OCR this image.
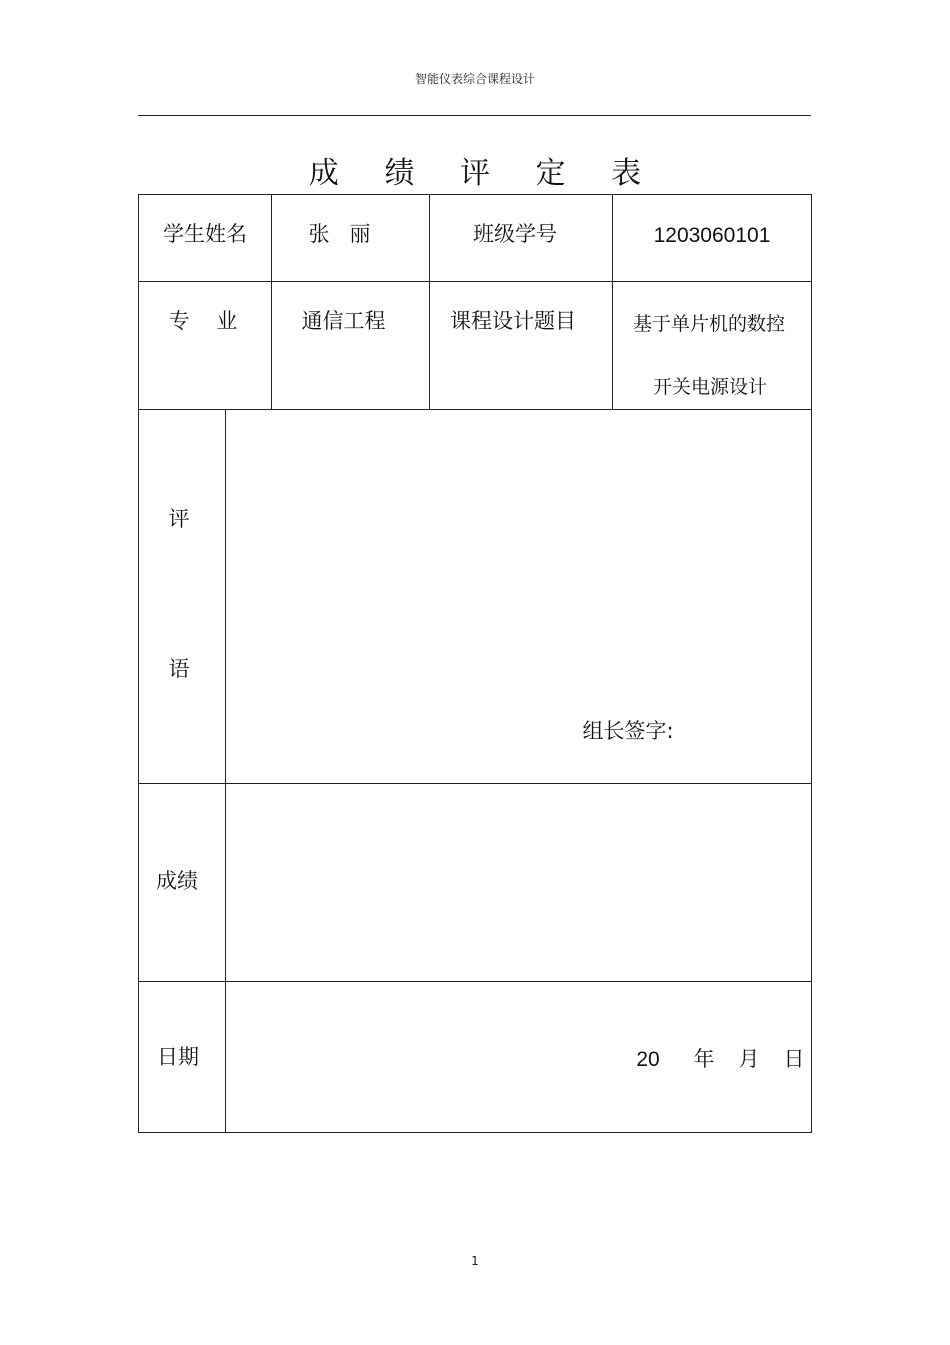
智能仪表综合课程设计
成 绩 评 定 表
学生姓名	张   丽	班级学号	1203060101
专    业	通信工程	课程设计题目	基于单片机的数控
开关电源设计
评
语
组长签字:
成绩
日期	20 年 月 日
1
